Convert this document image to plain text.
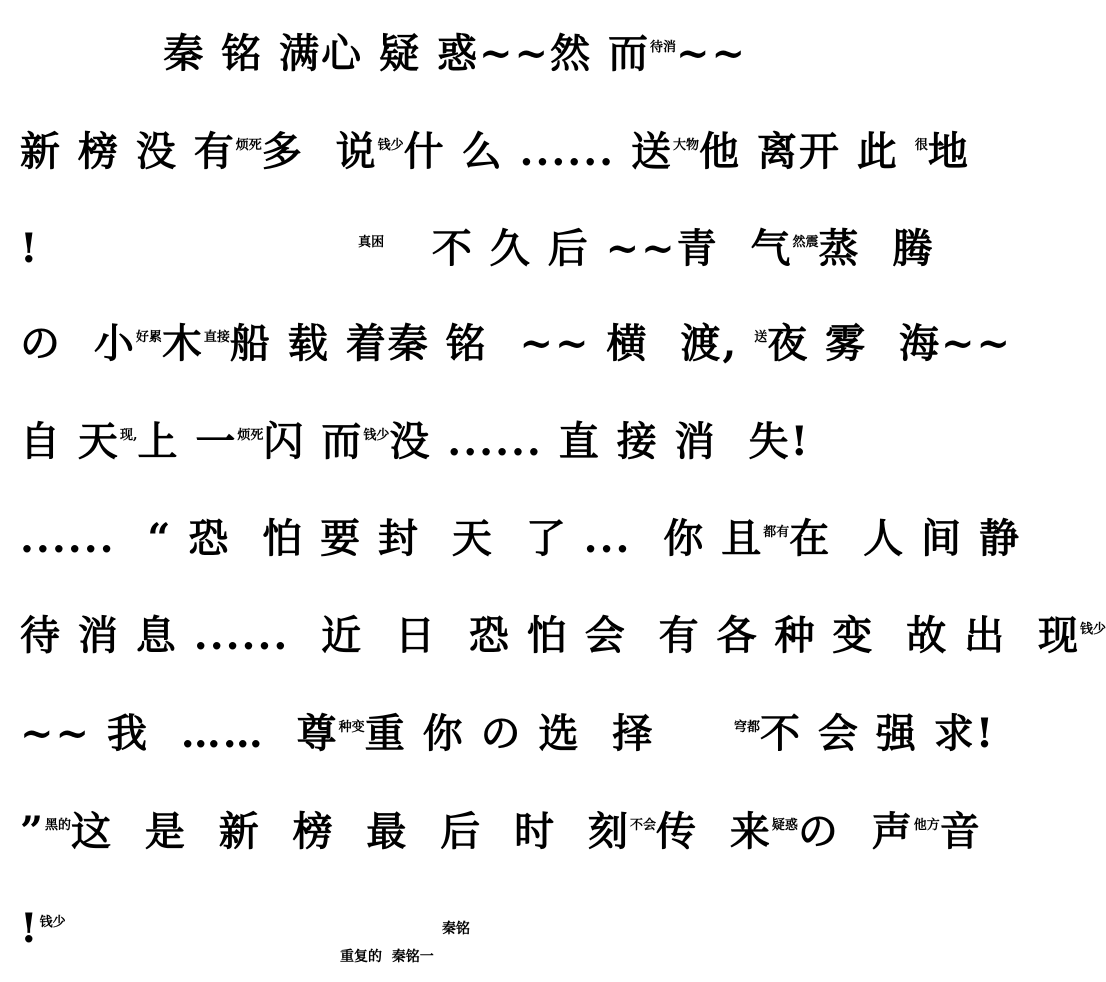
秦 铭 满心 疑 惑~~然 而$^{待消}$~~
新 榜 没 有$^{烦死}$多  说$^{钱少}$什 么 ...... 送$^{大物}$他 离开 此 $^很$地
!                    $^{真困}$   不 久 后 ~~青  气$^{然震}$蒸  腾
の  小$^{好累}$木$^{直接}$船 载 着秦 铭  ~~ 横  渡, $^送$夜 雾  海~~
自 天$^{现,}$上 一$^{烦死}$闪 而$^{钱少}$没 ...... 直 接 消  失!
......  “ 恐  怕 要 封  天  了 ...  你 且$^{都有}$在  人 间 静
待 消 息 ......  近  日  恐 怕 会  有 各 种 变  故 出  现$^{钱少}$
~~ 我  ……  尊$^{种变}$重 你 の 选  择     $^{穹都}$不 会 强 求!
”$^{黑的}$这  是  新  榜  最  后  时  刻$^{不会}$传  来$^{疑惑}$の  声$^{他方}$音
!$^{钱少}$	秦铭
重复的  秦铭一
